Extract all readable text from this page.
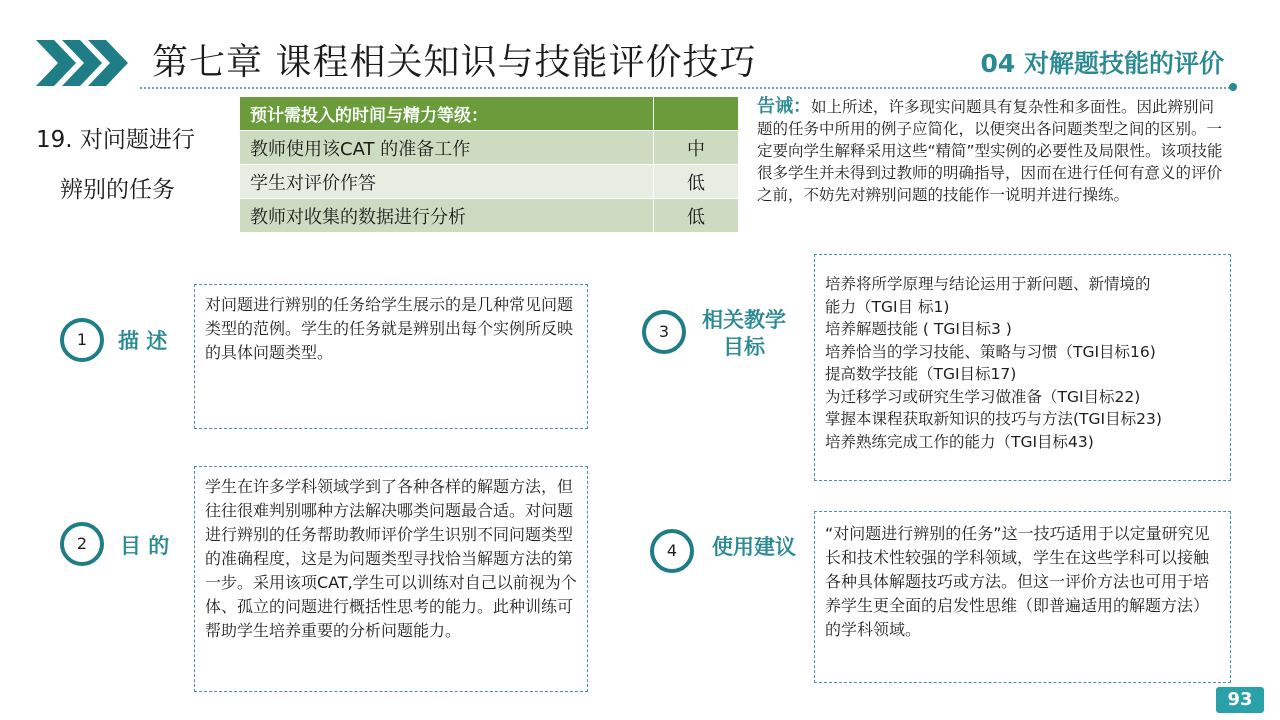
第七章 课程相关知识与技能评价技巧	04 对解题技能的评价
19. 对问题进行
辨别的任务
预计需投入的时间与精力等级：	
教师使用该CAT 的准备工作	中
学生对评价作答	低
教师对收集的数据进行分析	低
告诫：如上所述，许多现实问题具有复杂性和多面性。因此辨别问题的任务中所用的例子应简化，以便突出各问题类型之间的区别。一定要向学生解释采用这些“精简”型实例的必要性及局限性。该项技能很多学生并未得到过教师的明确指导，因而在进行任何有意义的评价之前，不妨先对辨别问题的技能作一说明并进行操练。
1	描 述
对问题进行辨别的任务给学生展示的是几种常见问题类型的范例。学生的任务就是辨别出每个实例所反映的具体问题类型。
2	目 的
学生在许多学科领域学到了各种各样的解题方法，但往往很难判别哪种方法解决哪类问题最合适。对问题进行辨别的任务帮助教师评价学生识别不同问题类型的准确程度，这是为问题类型寻找恰当解题方法的第一步。采用该项CAT,学生可以训练对自己以前视为个体、孤立的问题进行概括性思考的能力。此种训练可帮助学生培养重要的分析问题能力。
3	相关教学
目标
培养将所学原理与结论运用于新问题、新情境的
能力（TGI目 标1)
培养解题技能 ( TGI目标3 )
培养恰当的学习技能、策略与习惯（TGI目标16)
提高数学技能（TGI目标17)
为迁移学习或研究生学习做准备（TGI目标22)
掌握本课程获取新知识的技巧与方法(TGI目标23)
培养熟练完成工作的能力（TGI目标43)
4	使用建议
“对问题进行辨别的任务”这一技巧适用于以定量研究见长和技术性较强的学科领域，学生在这些学科可以接触各种具体解题技巧或方法。但这一评价方法也可用于培养学生更全面的启发性思维（即普遍适用的解题方法）的学科领域。
93
